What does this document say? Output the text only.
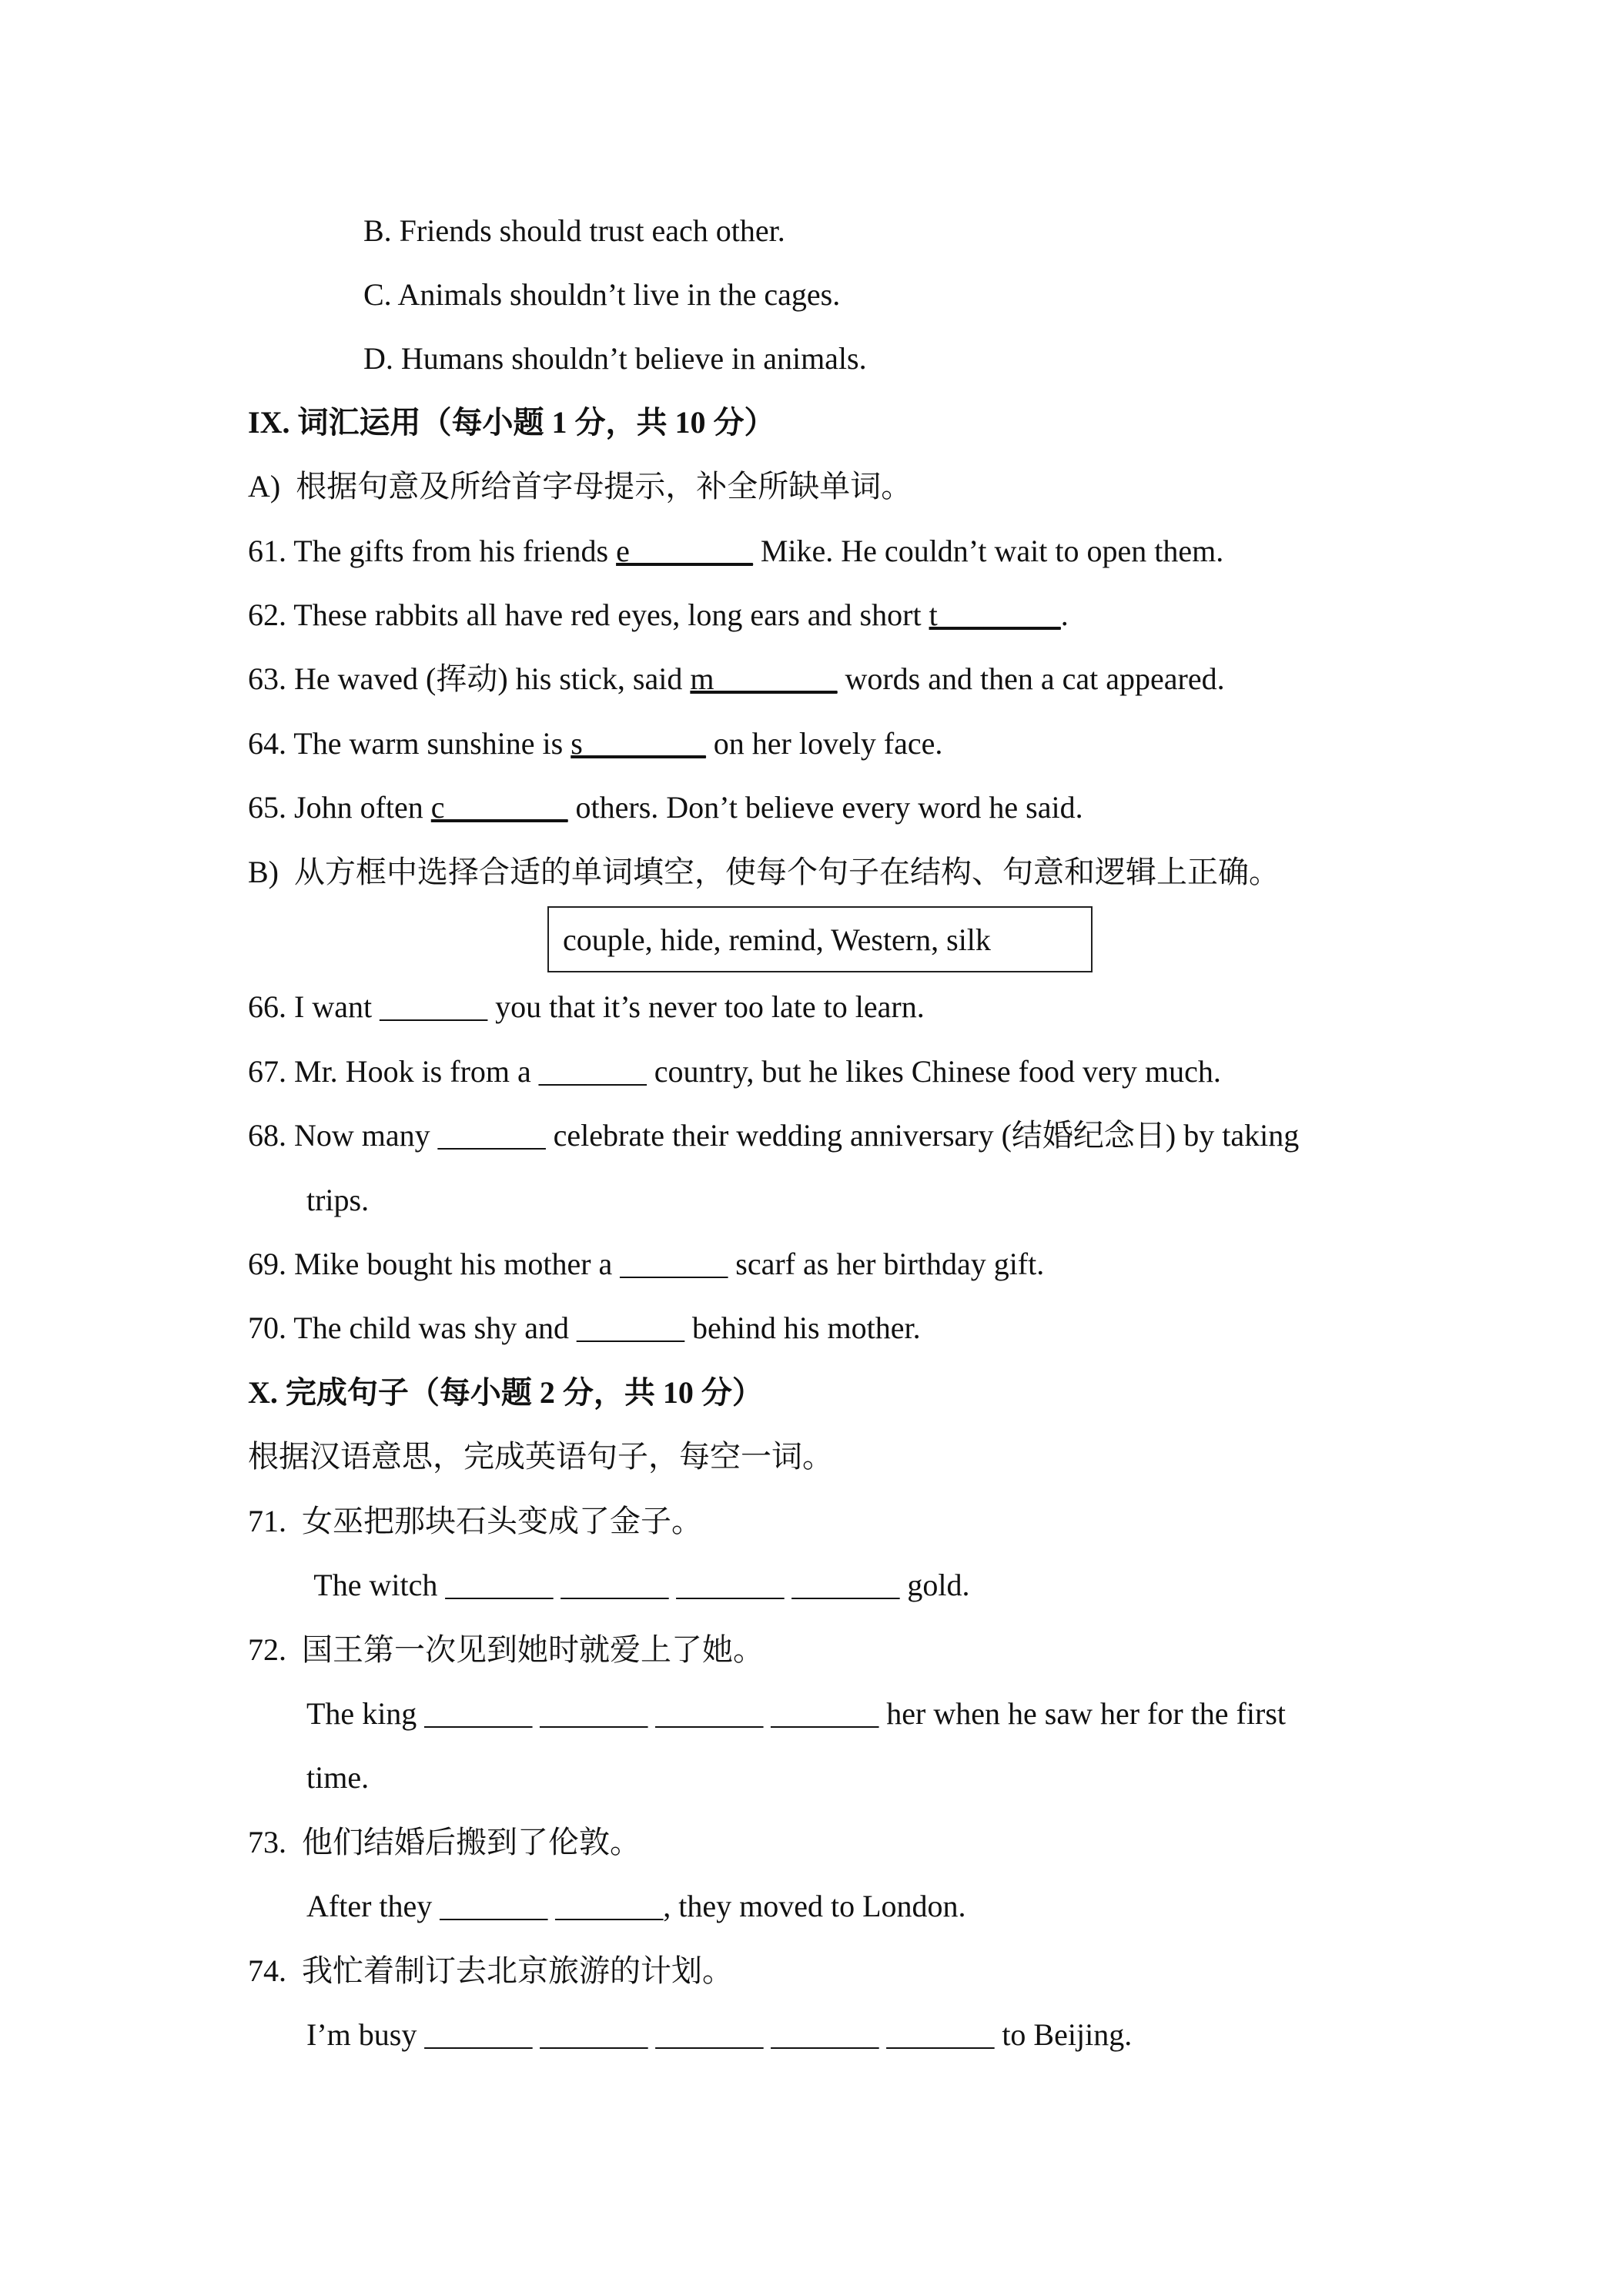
B. Friends should trust each other.
C. Animals shouldn’t live in the cages.
D. Humans shouldn’t believe in animals.
IX. 词汇运用（每小题 1 分，共 10 分）
A) 根据句意及所给首字母提示，补全所缺单词。
61. The gifts from his friends e________ Mike. He couldn’t wait to open them.
62. These rabbits all have red eyes, long ears and short t________.
63. He waved (挥动) his stick, said m________ words and then a cat appeared.
64. The warm sunshine is s________ on her lovely face.
65. John often c________ others. Don’t believe every word he said.
B) 从方框中选择合适的单词填空，使每个句子在结构、句意和逻辑上正确。
couple, hide, remind, Western, silk
66. I want _______ you that it’s never too late to learn.
67. Mr. Hook is from a _______ country, but he likes Chinese food very much.
68. Now many _______ celebrate their wedding anniversary (结婚纪念日) by taking
trips.
69. Mike bought his mother a _______ scarf as her birthday gift.
70. The child was shy and _______ behind his mother.
X. 完成句子（每小题 2 分，共 10 分）
根据汉语意思，完成英语句子，每空一词。
71.  女巫把那块石头变成了金子。
The witch _______ _______ _______ _______ gold.
72.  国王第一次见到她时就爱上了她。
The king _______ _______ _______ _______ her when he saw her for the first
time.
73.  他们结婚后搬到了伦敦。
After they _______ _______, they moved to London.
74.  我忙着制订去北京旅游的计划。
I’m busy _______ _______ _______ _______ _______ to Beijing.
